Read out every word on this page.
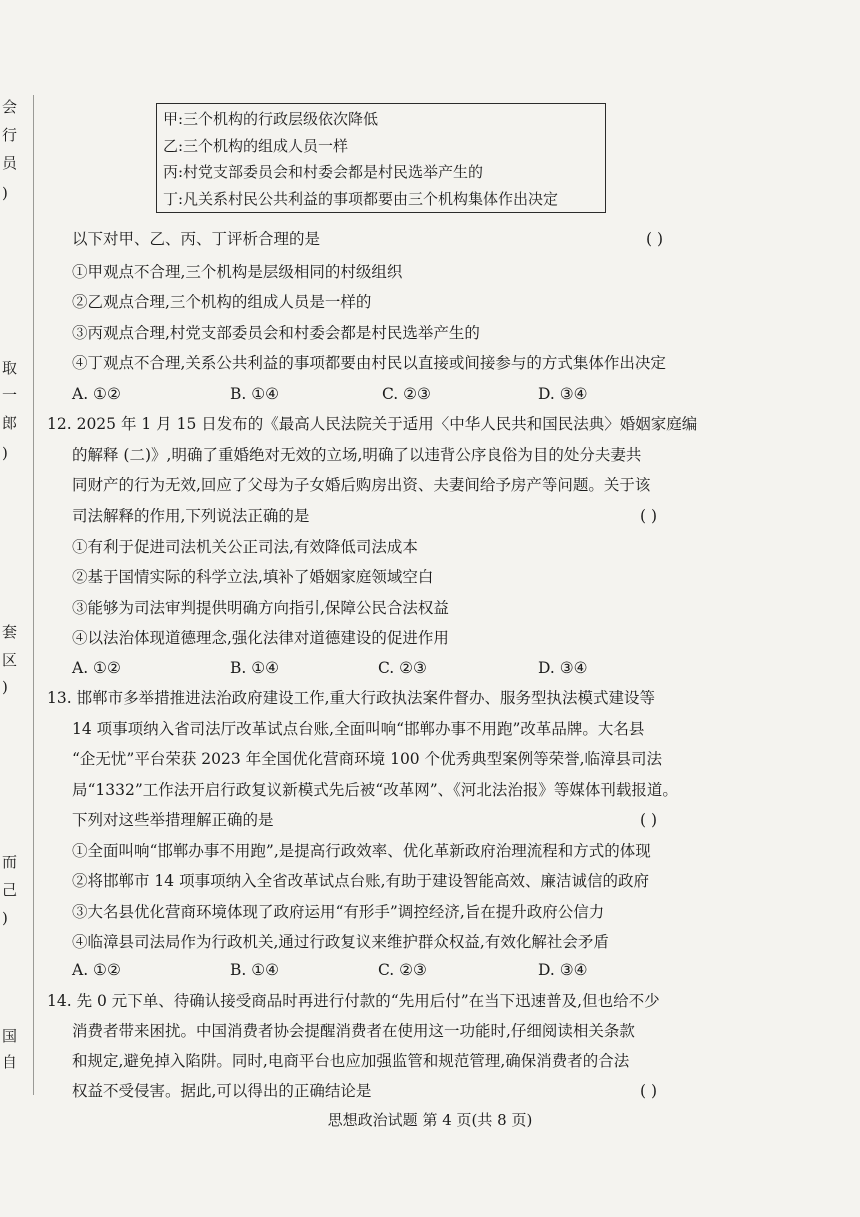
会
行
员
)
取
一
郎
)
套
区
)
而
己
)
国
自
甲:三个机构的行政层级依次降低
乙:三个机构的组成人员一样
丙:村党支部委员会和村委会都是村民选举产生的
丁:凡关系村民公共利益的事项都要由三个机构集体作出决定
以下对甲、乙、丙、丁评析合理的是	( )
①甲观点不合理,三个机构是层级相同的村级组织
②乙观点合理,三个机构的组成人员是一样的
③丙观点合理,村党支部委员会和村委会都是村民选举产生的
④丁观点不合理,关系公共利益的事项都要由村民以直接或间接参与的方式集体作出决定
A. ①②	B. ①④	C. ②③	D. ③④
12. 2025 年 1 月 15 日发布的《最高人民法院关于适用〈中华人民共和国民法典〉婚姻家庭编
的解释 (二)》,明确了重婚绝对无效的立场,明确了以违背公序良俗为目的处分夫妻共
同财产的行为无效,回应了父母为子女婚后购房出资、夫妻间给予房产等问题。关于该
司法解释的作用,下列说法正确的是	( )
①有利于促进司法机关公正司法,有效降低司法成本
②基于国情实际的科学立法,填补了婚姻家庭领域空白
③能够为司法审判提供明确方向指引,保障公民合法权益
④以法治体现道德理念,强化法律对道德建设的促进作用
A. ①②	B. ①④	C. ②③	D. ③④
13. 邯郸市多举措推进法治政府建设工作,重大行政执法案件督办、服务型执法模式建设等
14 项事项纳入省司法厅改革试点台账,全面叫响“邯郸办事不用跑”改革品牌。大名县
“企无忧”平台荣获 2023 年全国优化营商环境 100 个优秀典型案例等荣誉,临漳县司法
局“1332”工作法开启行政复议新模式先后被“改革网”、《河北法治报》等媒体刊载报道。
下列对这些举措理解正确的是	( )
①全面叫响“邯郸办事不用跑”,是提高行政效率、优化革新政府治理流程和方式的体现
②将邯郸市 14 项事项纳入全省改革试点台账,有助于建设智能高效、廉洁诚信的政府
③大名县优化营商环境体现了政府运用“有形手”调控经济,旨在提升政府公信力
④临漳县司法局作为行政机关,通过行政复议来维护群众权益,有效化解社会矛盾
A. ①②	B. ①④	C. ②③	D. ③④
14. 先 0 元下单、待确认接受商品时再进行付款的“先用后付”在当下迅速普及,但也给不少
消费者带来困扰。中国消费者协会提醒消费者在使用这一功能时,仔细阅读相关条款
和规定,避免掉入陷阱。同时,电商平台也应加强监管和规范管理,确保消费者的合法
权益不受侵害。据此,可以得出的正确结论是	( )
思想政治试题 第 4 页(共 8 页)
